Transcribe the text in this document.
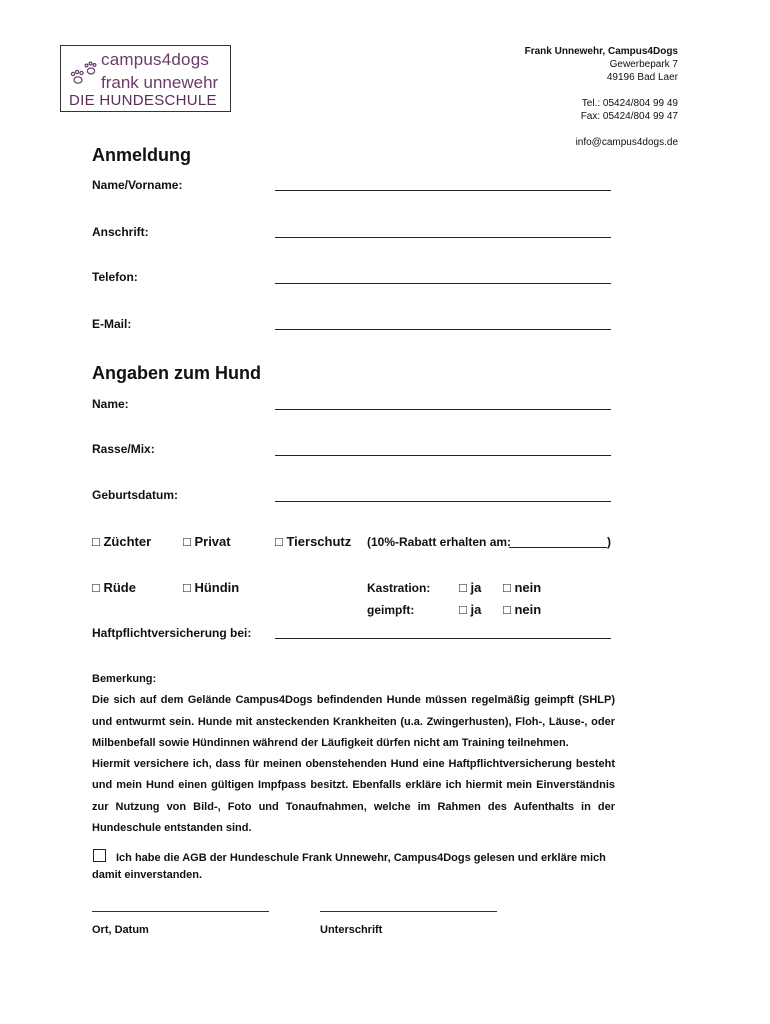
campus4dogs
frank unnewehr
DIE HUNDESCHULE
Frank Unnewehr, Campus4Dogs
Gewerbepark 7
49196 Bad Laer
Tel.: 05424/804 99 49
Fax: 05424/804 99 47
info@campus4dogs.de
Anmeldung
Name/Vorname:
Anschrift:
Telefon:
E-Mail:
Angaben zum Hund
Name:
Rasse/Mix:
Geburtsdatum:
□ Züchter □ Privat	□ Tierschutz (10%-Rabatt erhalten am:	)
□ Rüde	□ Hündin	Kastration: □ ja □ nein
geimpft:	□ ja □ nein
Haftpflichtversicherung bei:

Bemerkung:

Die sich auf dem Gelände Campus4Dogs befindenden Hunde müssen regelmäßig geimpft (SHLP) und entwurmt sein. Hunde mit ansteckenden Krankheiten (u.a. Zwingerhusten), Floh-, Läuse-, oder Milbenbefall sowie Hündinnen während der Läufigkeit dürfen nicht am Training teilnehmen.

Hiermit versichere ich, dass für meinen obenstehenden Hund eine Haftpflichtversicherung besteht und mein Hund einen gültigen Impfpass besitzt. Ebenfalls erkläre ich hiermit mein Einverständnis zur Nutzung von Bild-, Foto und Tonaufnahmen, welche im Rahmen des Aufenthalts in der Hundeschule entstanden sind.

Ich habe die AGB der Hundeschule Frank Unnewehr, Campus4Dogs gelesen und erkläre mich damit einverstanden.
Ort, Datum	Unterschrift
